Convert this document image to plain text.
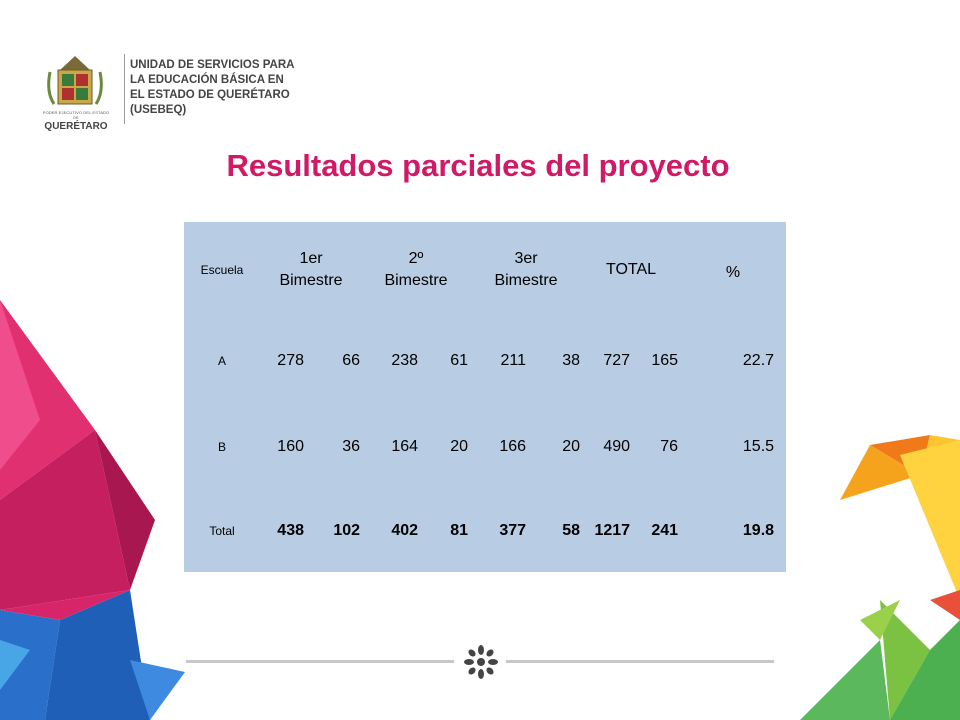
PODER EJECUTIVO DEL ESTADO DE
QUERÉTARO
UNIDAD DE SERVICIOS PARA
LA EDUCACIÓN BÁSICA EN
EL ESTADO DE QUERÉTARO
(USEBEQ)
Resultados parciales del proyecto
Escuela	1er Bimestre		2º Bimestre		3er Bimestre		TOTAL		%
A	278	66	238	61	211	38	727	165	22.7
B	160	36	164	20	166	20	490	76	15.5
Total	438	102	402	81	377	58	1217	241	19.8
